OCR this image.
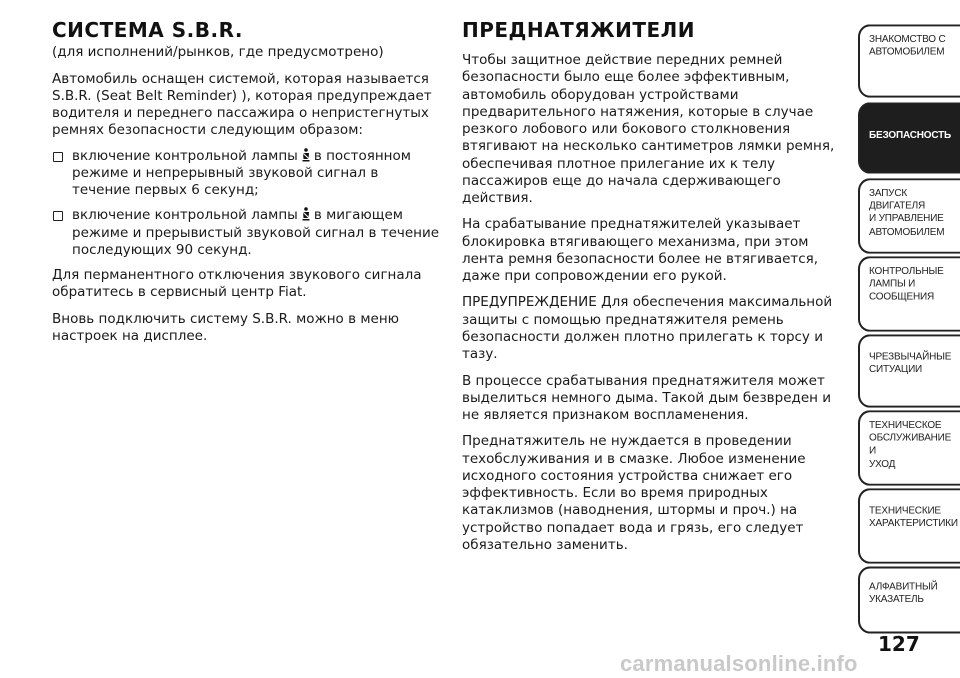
СИСТЕМА S.B.R.
(для исполнений/рынков, где предусмотрено)

Автомобиль оснащен системой, которая называется S.B.R. (Seat Belt Reminder) ), которая предупреждает водителя и переднего пассажира о непристегнутых ремнях безопасности следующим образом:

включение контрольной лампы в постоянном режиме и непрерывный звуковой сигнал в течение первых 6 секунд;
включение контрольной лампы в мигающем режиме и прерывистый звуковой сигнал в течение последующих 90 секунд.

Для перманентного отключения звукового сигнала обратитесь в сервисный центр Fiat.

Вновь подключить систему S.B.R. можно в меню настроек на дисплее.

ПРЕДНАТЯЖИТЕЛИ

Чтобы защитное действие передних ремней безопасности было еще более эффективным, автомобиль оборудован устройствами предварительного натяжения, которые в случае резкого лобового или бокового столкновения втягивают на несколько сантиметров лямки ремня, обеспечивая плотное прилегание их к телу пассажиров еще до начала сдерживающего действия.

На срабатывание преднатяжителей указывает блокировка втягивающего механизма, при этом лента ремня безопасности более не втягивается, даже при сопровождении его рукой.

ПРЕДУПРЕЖДЕНИЕ Для обеспечения максимальной защиты с помощью преднатяжителя ремень безопасности должен плотно прилегать к торсу и тазу.

В процессе срабатывания преднатяжителя может выделиться немного дыма. Такой дым безвреден и не является признаком воспламенения.

Преднатяжитель не нуждается в проведении техобслуживания и в смазке. Любое изменение исходного состояния устройства снижает его эффективность. Если во время природных катаклизмов (наводнения, штормы и проч.) на устройство попадает вода и грязь, его следует обязательно заменить.

ЗНАКОМСТВО С
АВТОМОБИЛЕМ
БЕЗОПАСНОСТЬ
ЗАПУСК ДВИГАТЕЛЯ
И УПРАВЛЕНИЕ
АВТОМОБИЛЕМ
КОНТРОЛЬНЫЕ
ЛАМПЫ И
СООБЩЕНИЯ
ЧРЕЗВЫЧАЙНЫЕ
СИТУАЦИИ
ТЕХНИЧЕСКОЕ
ОБСЛУЖИВАНИЕ И
УХОД
ТЕХНИЧЕСКИЕ
ХАРАКТЕРИСТИКИ
АЛФАВИТНЫЙ
УКАЗАТЕЛЬ
127
carmanualsonline.info
